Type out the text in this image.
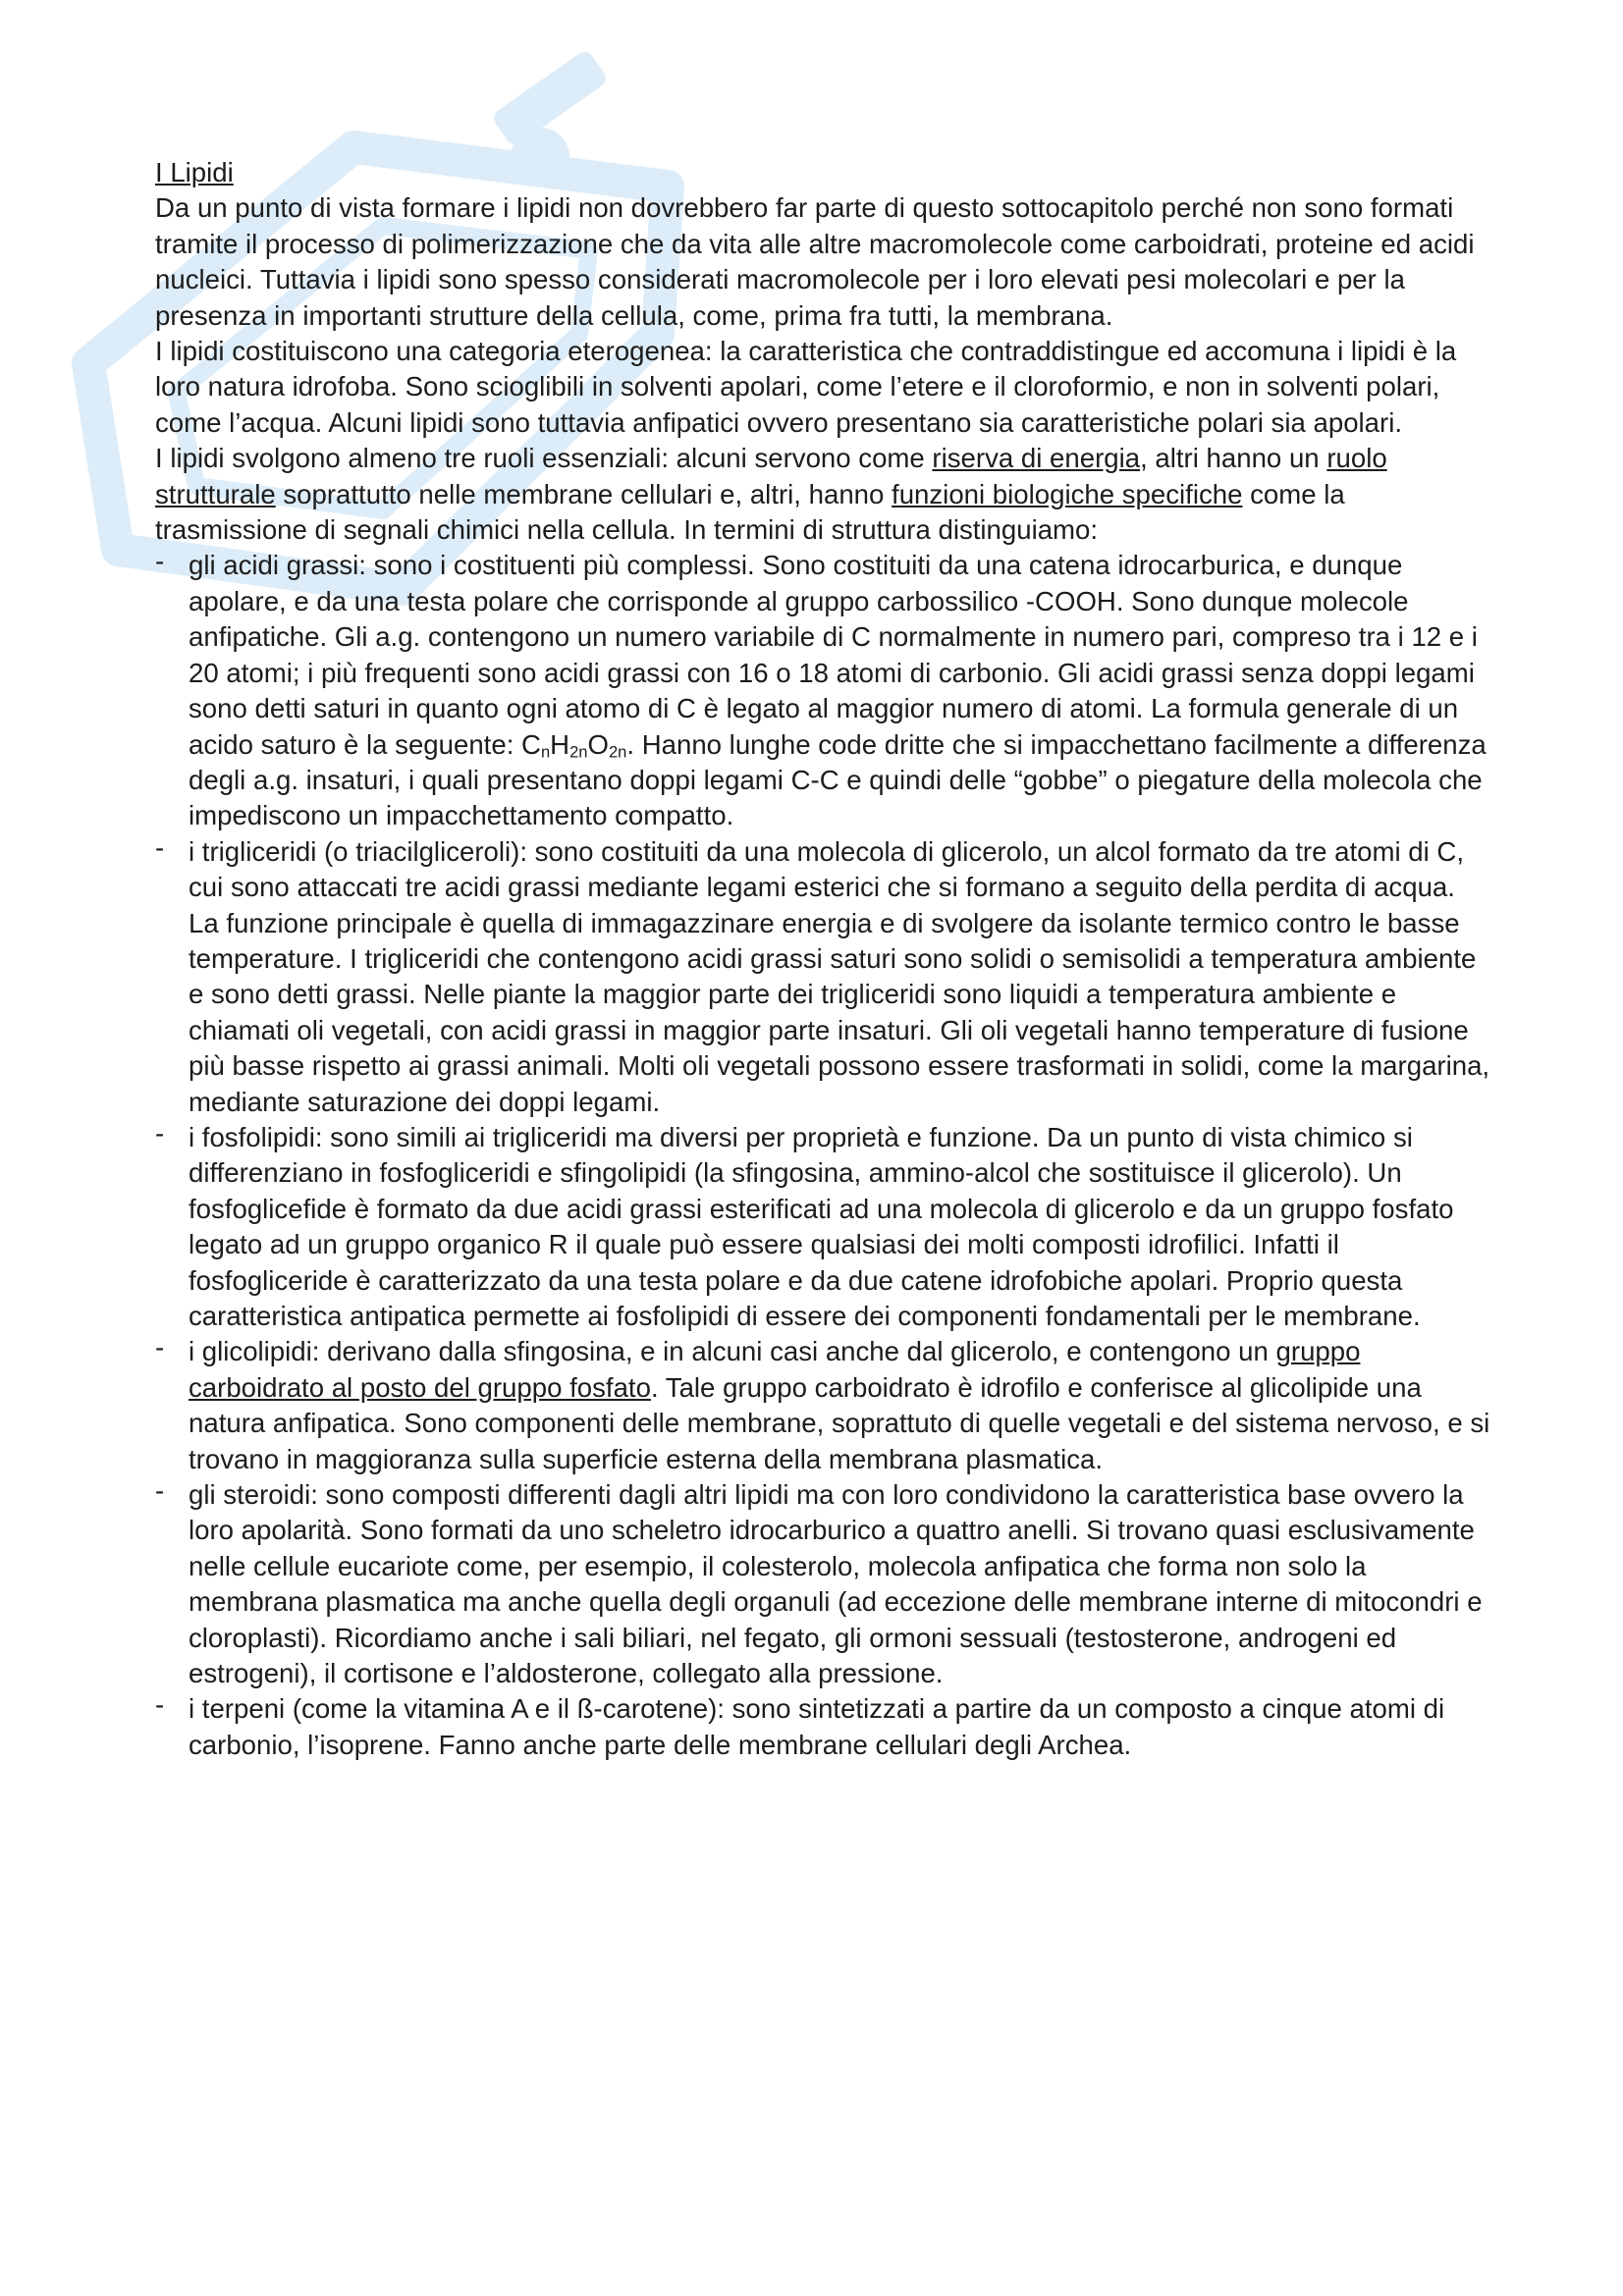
I Lipidi

Da un punto di vista formare i lipidi non dovrebbero far parte di questo sottocapitolo perché non sono formati tramite il processo di polimerizzazione che da vita alle altre macromolecole come carboidrati, proteine ed acidi nucleici. Tuttavia i lipidi sono spesso considerati macromolecole per i loro elevati pesi molecolari e per la presenza in importanti strutture della cellula, come, prima fra tutti, la membrana.

I lipidi costituiscono una categoria eterogenea: la caratteristica che contraddistingue ed accomuna i lipidi è la loro natura idrofoba. Sono scioglibili in solventi apolari, come l’etere e il cloroformio, e non in solventi polari, come l’acqua. Alcuni lipidi sono tuttavia anfipatici ovvero presentano sia caratteristiche polari sia apolari.

I lipidi svolgono almeno tre ruoli essenziali: alcuni servono come riserva di energia, altri hanno un ruolo strutturale soprattutto nelle membrane cellulari e, altri, hanno funzioni biologiche specifiche come la trasmissione di segnali chimici nella cellula. In termini di struttura distinguiamo:

- gli acidi grassi: sono i costituenti più complessi. Sono costituiti da una catena idrocarburica, e dunque apolare, e da una testa polare che corrisponde al gruppo carbossilico -COOH. Sono dunque molecole anfipatiche. Gli a.g. contengono un numero variabile di C normalmente in numero pari, compreso tra i 12 e i 20 atomi; i più frequenti sono acidi grassi con 16 o 18 atomi di carbonio. Gli acidi grassi senza doppi legami sono detti saturi in quanto ogni atomo di C è legato al maggior numero di atomi. La formula generale di un acido saturo è la seguente: $C_nH_{2n}O_{2n}$. Hanno lunghe code dritte che si impacchettano facilmente a differenza degli a.g. insaturi, i quali presentano doppi legami C-C e quindi delle “gobbe” o piegature della molecola che impediscono un impacchettamento compatto.
- i trigliceridi (o triacilgliceroli): sono costituiti da una molecola di glicerolo, un alcol formato da tre atomi di C, cui sono attaccati tre acidi grassi mediante legami esterici che si formano a seguito della perdita di acqua. La funzione principale è quella di immagazzinare energia e di svolgere da isolante termico contro le basse temperature. I trigliceridi che contengono acidi grassi saturi sono solidi o semisolidi a temperatura ambiente e sono detti grassi. Nelle piante la maggior parte dei trigliceridi sono liquidi a temperatura ambiente e chiamati oli vegetali, con acidi grassi in maggior parte insaturi. Gli oli vegetali hanno temperature di fusione più basse rispetto ai grassi animali. Molti oli vegetali possono essere trasformati in solidi, come la margarina, mediante saturazione dei doppi legami.
- i fosfolipidi: sono simili ai trigliceridi ma diversi per proprietà e funzione. Da un punto di vista chimico si differenziano in fosfogliceridi e sfingolipidi (la sfingosina, ammino-alcol che sostituisce il glicerolo). Un fosfoglicefide è formato da due acidi grassi esterificati ad una molecola di glicerolo e da un gruppo fosfato legato ad un gruppo organico R il quale può essere qualsiasi dei molti composti idrofilici. Infatti il fosfogliceride è caratterizzato da una testa polare e da due catene idrofobiche apolari. Proprio questa caratteristica antipatica permette ai fosfolipidi di essere dei componenti fondamentali per le membrane.
- i glicolipidi: derivano dalla sfingosina, e in alcuni casi anche dal glicerolo, e contengono un gruppo carboidrato al posto del gruppo fosfato. Tale gruppo carboidrato è idrofilo e conferisce al glicolipide una natura anfipatica. Sono componenti delle membrane, soprattuto di quelle vegetali e del sistema nervoso, e si trovano in maggioranza sulla superficie esterna della membrana plasmatica.
- gli steroidi: sono composti differenti dagli altri lipidi ma con loro condividono la caratteristica base ovvero la loro apolarità. Sono formati da uno scheletro idrocarburico a quattro anelli. Si trovano quasi esclusivamente nelle cellule eucariote come, per esempio, il colesterolo, molecola anfipatica che forma non solo la membrana plasmatica ma anche quella degli organuli (ad eccezione delle membrane interne di mitocondri e cloroplasti). Ricordiamo anche i sali biliari, nel fegato, gli ormoni sessuali (testosterone, androgeni ed estrogeni), il cortisone e l’aldosterone, collegato alla pressione.
- i terpeni (come la vitamina A e il ß-carotene): sono sintetizzati a partire da un composto a cinque atomi di carbonio, l’isoprene. Fanno anche parte delle membrane cellulari degli Archea.
